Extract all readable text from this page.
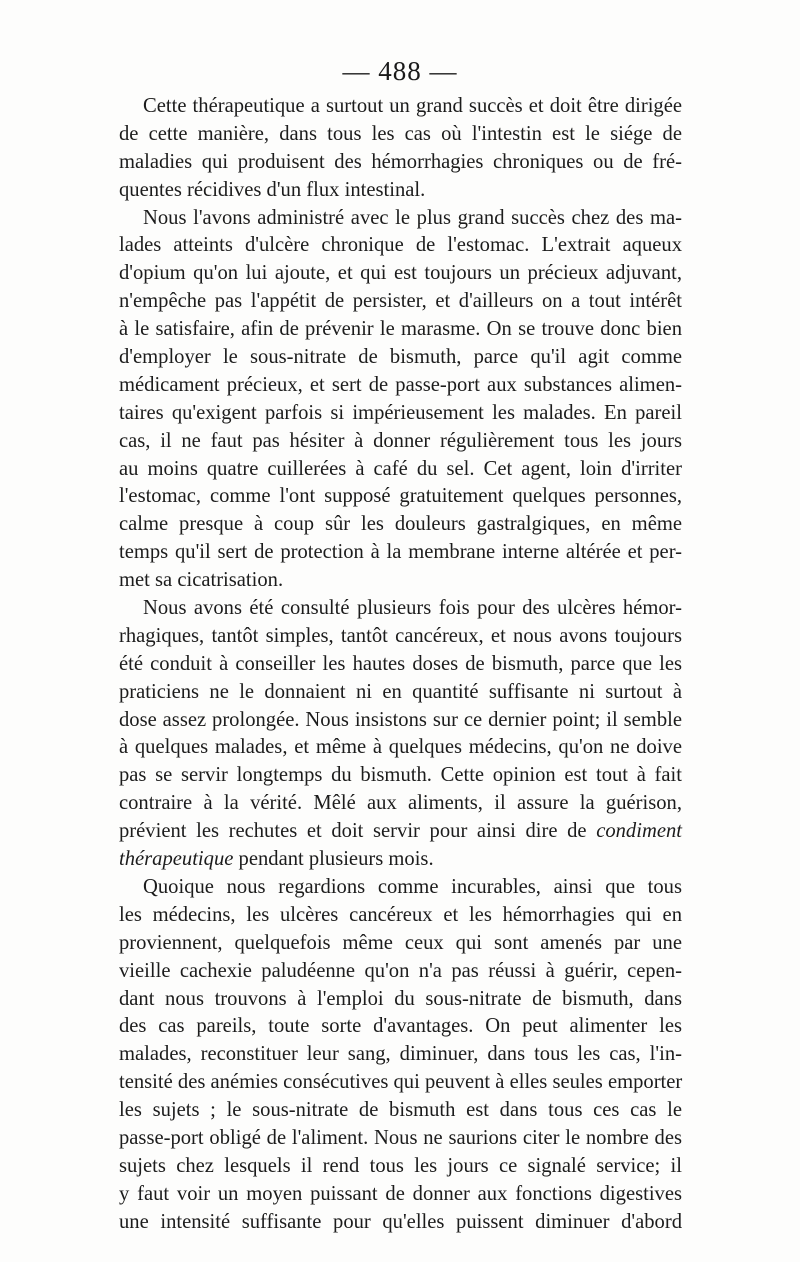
— 488 —
Cette thérapeutique a surtout un grand succès et doit être dirigée
de cette manière, dans tous les cas où l'intestin est le siége de
maladies qui produisent des hémorrhagies chroniques ou de fré-
quentes récidives d'un flux intestinal.
Nous l'avons administré avec le plus grand succès chez des ma-
lades atteints d'ulcère chronique de l'estomac. L'extrait aqueux
d'opium qu'on lui ajoute, et qui est toujours un précieux adjuvant,
n'empêche pas l'appétit de persister, et d'ailleurs on a tout intérêt
à le satisfaire, afin de prévenir le marasme. On se trouve donc bien
d'employer le sous-nitrate de bismuth, parce qu'il agit comme
médicament précieux, et sert de passe-port aux substances alimen-
taires qu'exigent parfois si impérieusement les malades. En pareil
cas, il ne faut pas hésiter à donner régulièrement tous les jours
au moins quatre cuillerées à café du sel. Cet agent, loin d'irriter
l'estomac, comme l'ont supposé gratuitement quelques personnes,
calme presque à coup sûr les douleurs gastralgiques, en même
temps qu'il sert de protection à la membrane interne altérée et per-
met sa cicatrisation.
Nous avons été consulté plusieurs fois pour des ulcères hémor-
rhagiques, tantôt simples, tantôt cancéreux, et nous avons toujours
été conduit à conseiller les hautes doses de bismuth, parce que les
praticiens ne le donnaient ni en quantité suffisante ni surtout à
dose assez prolongée. Nous insistons sur ce dernier point; il semble
à quelques malades, et même à quelques médecins, qu'on ne doive
pas se servir longtemps du bismuth. Cette opinion est tout à fait
contraire à la vérité. Mêlé aux aliments, il assure la guérison,
prévient les rechutes et doit servir pour ainsi dire de condiment
thérapeutique pendant plusieurs mois.
Quoique nous regardions comme incurables, ainsi que tous
les médecins, les ulcères cancéreux et les hémorrhagies qui en
proviennent, quelquefois même ceux qui sont amenés par une
vieille cachexie paludéenne qu'on n'a pas réussi à guérir, cepen-
dant nous trouvons à l'emploi du sous-nitrate de bismuth, dans
des cas pareils, toute sorte d'avantages. On peut alimenter les
malades, reconstituer leur sang, diminuer, dans tous les cas, l'in-
tensité des anémies consécutives qui peuvent à elles seules emporter
les sujets ; le sous-nitrate de bismuth est dans tous ces cas le
passe-port obligé de l'aliment. Nous ne saurions citer le nombre des
sujets chez lesquels il rend tous les jours ce signalé service; il
y faut voir un moyen puissant de donner aux fonctions digestives
une intensité suffisante pour qu'elles puissent diminuer d'abord
